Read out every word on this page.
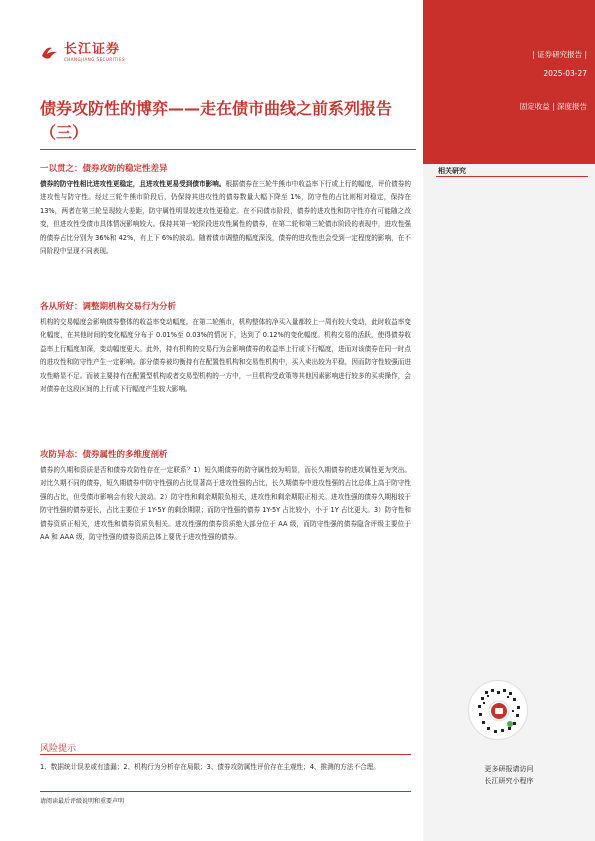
| 证券研究报告 |
2025-03-27
固定收益 | 深度报告
相关研究
长江证券
CHANGJIANG SECURITIES
债券攻防性的博弈——走在债市曲线之前系列报告（三）
一以贯之：债券攻防的稳定性差异
债券的防守性相比进攻性更稳定，且进攻性更易受到债市影响。根据债券在三轮牛熊市中收益率下行或上行的幅度，评价债券的进攻性与防守性。经过三轮牛熊市阶段后，仍保持其进攻性的债券数量大幅下降至 1%，防守性的占比则相对稳定，保持在 13%，两者在第三轮呈现较大差距，防守属性明显较进攻性更稳定。在不同债市阶段，债券的进攻性和防守性亦有可能随之改变，但进攻性受债市具体情况影响较大。保持其第一轮阶段进攻性属性的债券，在第二轮和第三轮债市阶段的表现中，进攻性强的债券占比分别为 36%和 42%，有上下 6%的波动。随着债市调整的幅度深浅，债券的进攻性也会受到一定程度的影响，在不同阶段中呈现不同表现。
各从所好：调整期机构交易行为分析
机构的交易幅度会影响债券整体的收益率变动幅度。在第二轮熊市，机构整体的净买入量都较上一周有较大变动，此时收益率变化幅度，在其他时间的变化幅度分布于 0.01%至 0.03%的情况下，达到了 0.12%的变化幅度。机构交易的活跃，使得债券收益率上行幅度加深，变动幅度更大。此外，持有机构的交易行为会影响债券的收益率上行或下行幅度，进而对该债券在同一时点的进攻性和防守性产生一定影响。部分债券被均衡持有在配置性机构和交易性机构中，买入卖出较为平稳，因而防守性较强而进攻性略显不足。而被主要持有在配置型机构或者交易型机构的一方中，一旦机构受政策等其他因素影响进行较多的买卖操作，会对债券在这段区间的上行或下行幅度产生较大影响。
攻防异态：债券属性的多维度剖析
债券的久期和资质是否和债券攻防性存在一定联系？1）短久期债券的防守属性较为明显，而长久期债券的进攻属性更为突出。对比久期不同的债券，短久期债券中防守性强的占比显著高于进攻性强的占比，长久期债券中进攻性强的占比总体上高于防守性强的占比，但受债市影响会有较大波动。2）防守性和剩余期限负相关，进攻性和剩余期限正相关。进攻性强的债券久期相较于防守性强的债券更长，占比主要位于 1Y-5Y 的剩余期限；而防守性强的债券 1Y-5Y 占比较小，小于 1Y 占比更大。3）防守性和债券资质正相关，进攻性和债券资质负相关。进攻性强的债券资质绝大部分位于 AA 级，而防守性强的债券隐含评级主要位于 AA 和 AAA 级，防守性强的债券资质总体上要优于进攻性强的债券。
风险提示
1、数据统计误差或有遗漏；2、机构行为分析存在局限；3、债券攻防属性评价存在主观性；4、推测的方法不合理。
请阅读最后评级说明和重要声明
更多研报请访问
长江研究小程序
